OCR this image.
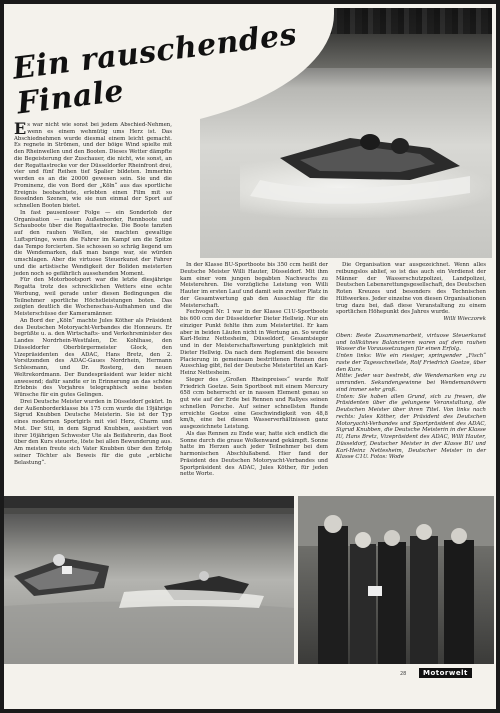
Ein rauschendes Finale

Es war nicht wie sonst bei jedem Abschied-Nehmen, wenn es einem wehmütig ums Herz ist. Das Abschiednehmen wurde diesmal einem leicht gemacht. Es regnete in Strömen, und der böige Wind spielte mit den Rheinwellen und den Booten. Dieses Wetter dämpfte die Begeisterung der Zuschauer, die nicht, wie sonst, an der Regattastrecke vor der Düsseldorfer Rheinfront drei, vier und fünf Reihen tief Spalier bildeten. Immerhin werden es an die 20000 gewesen sein. Sie und die Prominenz, die von Bord der „Köln“ aus das sportliche Ereignis beobachtete, erlebten einen Film mit so fesselnden Szenen, wie sie nun einmal der Sport auf schnellen Booten bietet.

In fast pausenloser Folge — ein Sonderlob der Organisation — rasten Außenborder, Rennboote und Schauboote über die Regattastrecke. Die Boote tanzten auf den rauhen Wellen, sie machten gewaltige Luftsprünge, wenn die Fahrer im Kampf um die Spitze das Tempo forcierten. Sie schossen so schräg liegend um die Wendemarken, daß man bange war, sie würden umschlagen. Aber die virtuose Steuerkunst der Fahrer und die artistische Wendigkeit der Boliden meisterten jeden noch so gefährlich aussehenden Moment.

Für den Motorbootsport war die letzte diesjährige Regatta trotz des schrecklichen Wetters eine echte Werbung, weil gerade unter diesen Bedingungen die Teilnehmer sportliche Höchstleistungen boten. Das zeigten deutlich die Wochenschau-Aufnahmen und die Meisterschüsse der Kameramänner.

An Bord der „Köln“ machte Jules Köther als Präsident des Deutschen Motoryacht-Verbandes die Honneurs. Er begrüßte u. a. den Wirtschafts- und Verkehrsminister des Landes Nordrhein-Westfalen, Dr. Kohlhase, den Düsseldorfer Oberbürgermeister Glock, den Vizepräsidenten des ADAC, Hans Bretz, den 2. Vorsitzenden des ADAC-Gaues Nordrhein, Hermann Schlesmann, und Dr. Rosterg, den neuen Weltrekordmann. Der Bundespräsident war leider nicht anwesend; dafür sandte er in Erinnerung an das schöne Erlebnis des Vorjahres telegraphisch seine besten Wünsche für ein gutes Gelingen.

Drei Deutsche Meister wurden in Düsseldorf gekürt. In der Außenborderklasse bis 175 ccm wurde die 19jährige Sigrud Knubben Deutsche Meisterin. Sie ist der Typ eines modernen Sportgirls mit viel Herz, Charm und Mut. Der Stil, in dem Sigrud Knubben, assistiert von ihrer 16jährigen Schwester Ute als Beifahrerin, das Boot über den Kurs steuerte, löste bei allen Bewunderung aus. Am meisten freute sich Vater Knubben über den Erfolg seiner Töchter als Beweis für die gute „erbliche Belastung“.

In der Klasse BU-Sportboote bis 350 ccm heißt der Deutsche Meister Willi Hauter, Düsseldorf. Mit ihm kam einer vom jungen begabten Nachwuchs zu Meisterehren. Die vorzügliche Leistung von Willi Hauter im ersten Lauf und damit sein zweiter Platz in der Gesamtwertung gab den Ausschlag für die Meisterschaft.

Fechvogel Nr. 1 war in der Klasse C1U-Sportboote bis 600 ccm der Düsseldorfer Dieter Hellwig. Nur ein einziger Punkt fehlte ihm zum Meistertitel. Er kam aber in beiden Läufen nicht in Wertung an. So wurde Karl-Heinz Nettesheim, Düsseldorf, Gesamtsieger und in der Meisterschaftswertung punktgleich mit Dieter Hellwig. Da nach dem Reglement die bessere Placierung in gemeinsam bestrittenen Rennen den Ausschlag gibt, fiel der Deutsche Meistertitel an Karl-Heinz Nettesheim.

Sieger des „Großen Rheinpreises“ wurde Rolf Friedrich Goetze. Sein Sportboot mit einem Mercury 658 ccm beherrscht er in nassen Element genau so gut wie auf der Erde bei Rennen und Rallyes seinen schnellen Porsche. Auf seiner schnellsten Runde erreichte Goetze eine Geschwindigkeit von 48,8 km/h, eine bei diesen Wasserverhältnissen ganz ausgezeichnete Leistung.

Als das Rennen zu Ende war, hatte sich endlich die Sonne durch die graue Wolkenwand gekämpft. Sonne hatte im Herzen auch jeder Teilnehmer bei dem harmonischen Abschlußabend. Hier fand der Präsident des Deutschen Motoryacht-Verbandes und Sportpräsident des ADAC, Jules Köther, für jeden nette Worte.

Die Organisation war ausgezeichnet. Wenn alles reibungslos ablief, so ist das auch ein Verdienst der Männer der Wasserschutzpolizei, Landpolizei, Deutschen Lebensrettungsgesellschaft, des Deutschen Roten Kreuzes und besonders des Technischen Hilfswerkes. Jeder einzelne von diesen Organisationen trug dazu bei, daß diese Veranstaltung zu einem sportlichen Höhepunkt des Jahres wurde.

Willi Wieczorek

Oben: Beste Zusammenarbeit, virtuose Steuerkunst und tollkühnes Balancieren waren auf dem rauhen Wasser die Voraussetzungen für einen Erfolg.

Unten links: Wie ein riesiger, springender „Fisch“ raste der Tagesschnellste, Rolf Friedrich Goetze, über den Kurs.

Mitte: Jeder war bestrebt, die Wendemarken eng zu umrunden. Sekundengewinne bei Wendemanövern sind immer sehr groß.

Unten: Sie haben allen Grund, sich zu freuen, die Präsidenten über die gelungene Veranstaltung, die Deutschen Meister über ihren Titel. Von links nach rechts: Jules Köther, der Präsident des Deutschen Motoryacht-Verbandes und Sportpräsident des ADAC, Sigrud Knubben, die Deutsche Meisterin in der Klasse IU, Hans Bretz, Vizepräsident des ADAC, Willi Hauter, Düsseldorf, Deutscher Meister in der Klasse BU und Karl-Heinz Nettesheim, Deutscher Meister in der Klasse C1U. Fotos: Wode

28	Motorwelt
